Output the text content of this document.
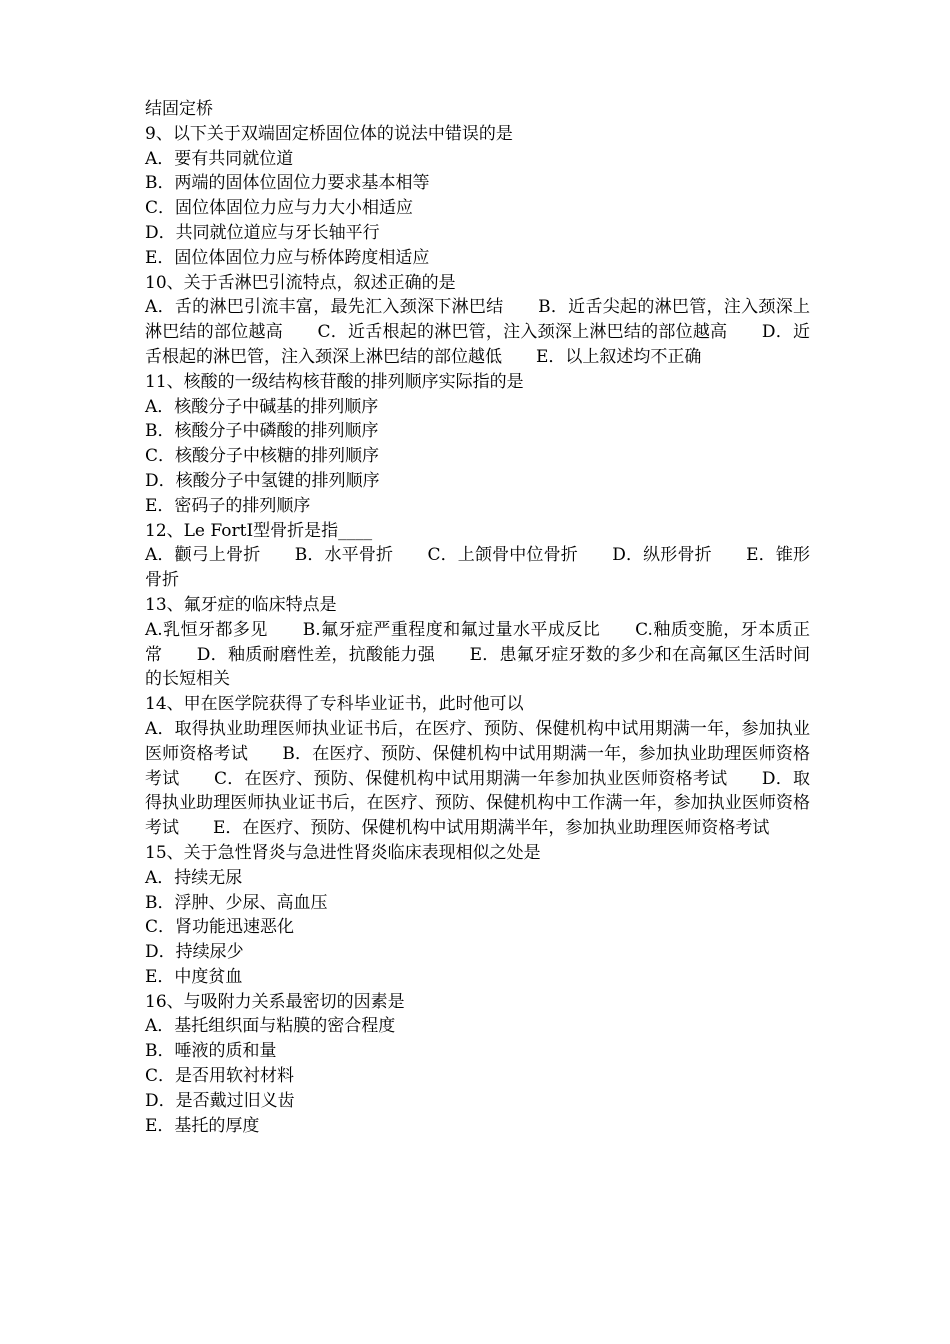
结固定桥
9、以下关于双端固定桥固位体的说法中错误的是
A．要有共同就位道
B．两端的固体位固位力要求基本相等
C．固位体固位力应与力大小相适应
D．共同就位道应与牙长轴平行
E．固位体固位力应与桥体跨度相适应
10、关于舌淋巴引流特点，叙述正确的是
A．舌的淋巴引流丰富，最先汇入颈深下淋巴结　　B．近舌尖起的淋巴管，注入颈深上淋巴结的部位越高　　C．近舌根起的淋巴管，注入颈深上淋巴结的部位越高　　D．近舌根起的淋巴管，注入颈深上淋巴结的部位越低　　E．以上叙述均不正确
11、核酸的一级结构核苷酸的排列顺序实际指的是
A．核酸分子中碱基的排列顺序
B．核酸分子中磷酸的排列顺序
C．核酸分子中核糖的排列顺序
D．核酸分子中氢键的排列顺序
E．密码子的排列顺序
12、Le FortⅠ型骨折是指____
A．颧弓上骨折　　B．水平骨折　　C．上颌骨中位骨折　　D．纵形骨折　　E．锥形骨折
13、氟牙症的临床特点是
A.乳恒牙都多见　　B.氟牙症严重程度和氟过量水平成反比　　C.釉质变脆，牙本质正常　　D．釉质耐磨性差，抗酸能力强　　E．患氟牙症牙数的多少和在高氟区生活时间的长短相关
14、甲在医学院获得了专科毕业证书，此时他可以
A．取得执业助理医师执业证书后，在医疗、预防、保健机构中试用期满一年，参加执业医师资格考试　　B．在医疗、预防、保健机构中试用期满一年，参加执业助理医师资格考试　　C．在医疗、预防、保健机构中试用期满一年参加执业医师资格考试　　D．取得执业助理医师执业证书后，在医疗、预防、保健机构中工作满一年，参加执业医师资格考试　　E．在医疗、预防、保健机构中试用期满半年，参加执业助理医师资格考试
15、关于急性肾炎与急进性肾炎临床表现相似之处是
A．持续无尿
B．浮肿、少尿、高血压
C．肾功能迅速恶化
D．持续尿少
E．中度贫血
16、与吸附力关系最密切的因素是
A．基托组织面与粘膜的密合程度
B．唾液的质和量
C．是否用软衬材料
D．是否戴过旧义齿
E．基托的厚度
